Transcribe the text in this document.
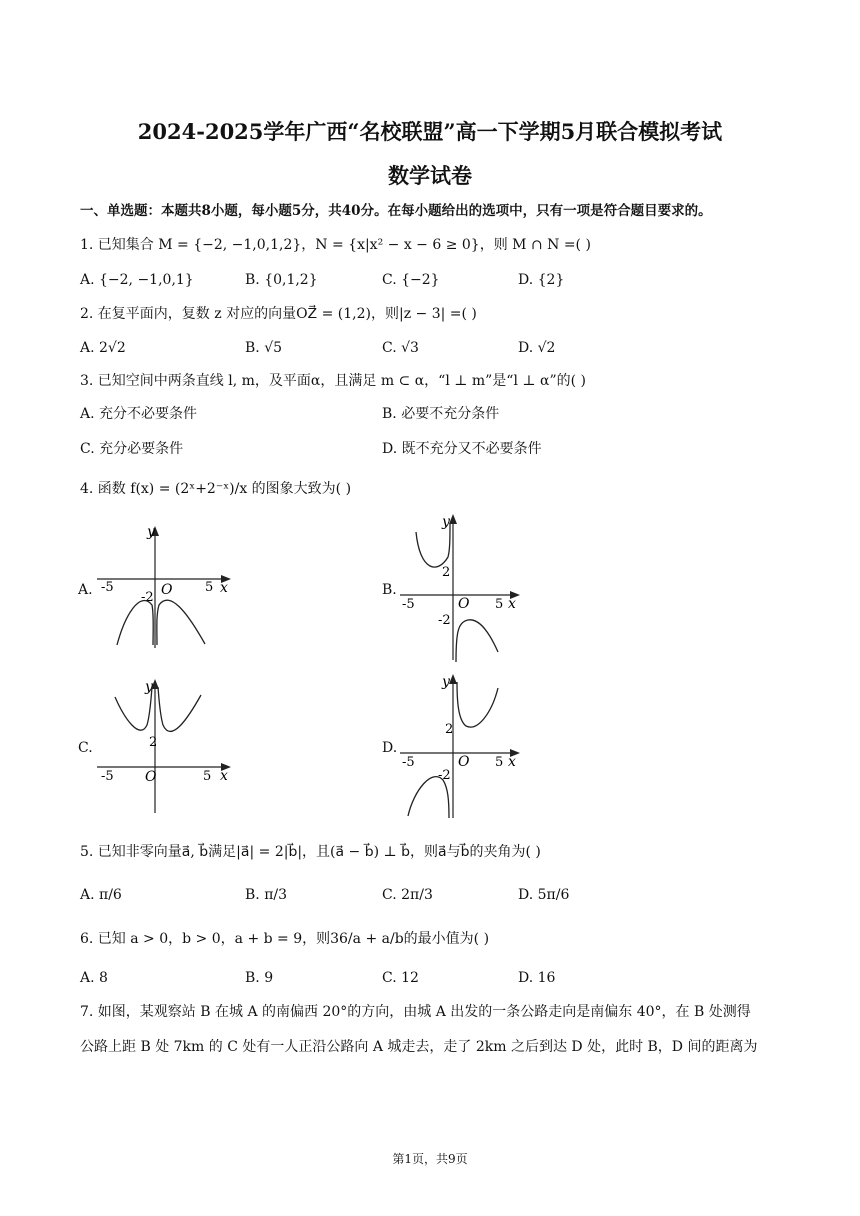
2024-2025学年广西“名校联盟”高一下学期5月联合模拟考试
数学试卷
一、单选题：本题共8小题，每小题5分，共40分。在每小题给出的选项中，只有一项是符合题目要求的。
1. 已知集合 M = {−2, −1,0,1,2}，N = {x|x² − x − 6 ≥ 0}，则 M ∩ N =( )
A. {−2, −1,0,1}	B. {0,1,2}	C. {−2}	D. {2}
2. 在复平面内，复数 z 对应的向量OZ⃗ = (1,2)，则|z − 3| =( )
A. 2√2	B. √5	C. √3	D. √2
3. 已知空间中两条直线 l, m，及平面α，且满足 m ⊂ α，“l ⊥ m”是“l ⊥ α”的( )
A. 充分不必要条件	B. 必要不充分条件
C. 充分必要条件	D. 既不充分又不必要条件
4. 函数 f(x) = (2ˣ+2⁻ˣ)/x 的图象大致为( )
A.
y
x
O
-5	5
-2	B.
y
x
O
-5	5
2
-2
C.
y
x
O
-5	5
2	D.
y
x
O
-5	5
2
-2
5. 已知非零向量a⃗, b⃗满足|a⃗| = 2|b⃗|，且(a⃗ − b⃗) ⊥ b⃗，则a⃗与b⃗的夹角为( )
A. π/6	B. π/3	C. 2π/3	D. 5π/6
6. 已知 a > 0，b > 0，a + b = 9，则36/a + a/b的最小值为( )
A. 8	B. 9	C. 12	D. 16
7. 如图，某观察站 B 在城 A 的南偏西 20°的方向，由城 A 出发的一条公路走向是南偏东 40°，在 B 处测得
公路上距 B 处 7km 的 C 处有一人正沿公路向 A 城走去，走了 2km 之后到达 D 处，此时 B，D 间的距离为
第1页，共9页
